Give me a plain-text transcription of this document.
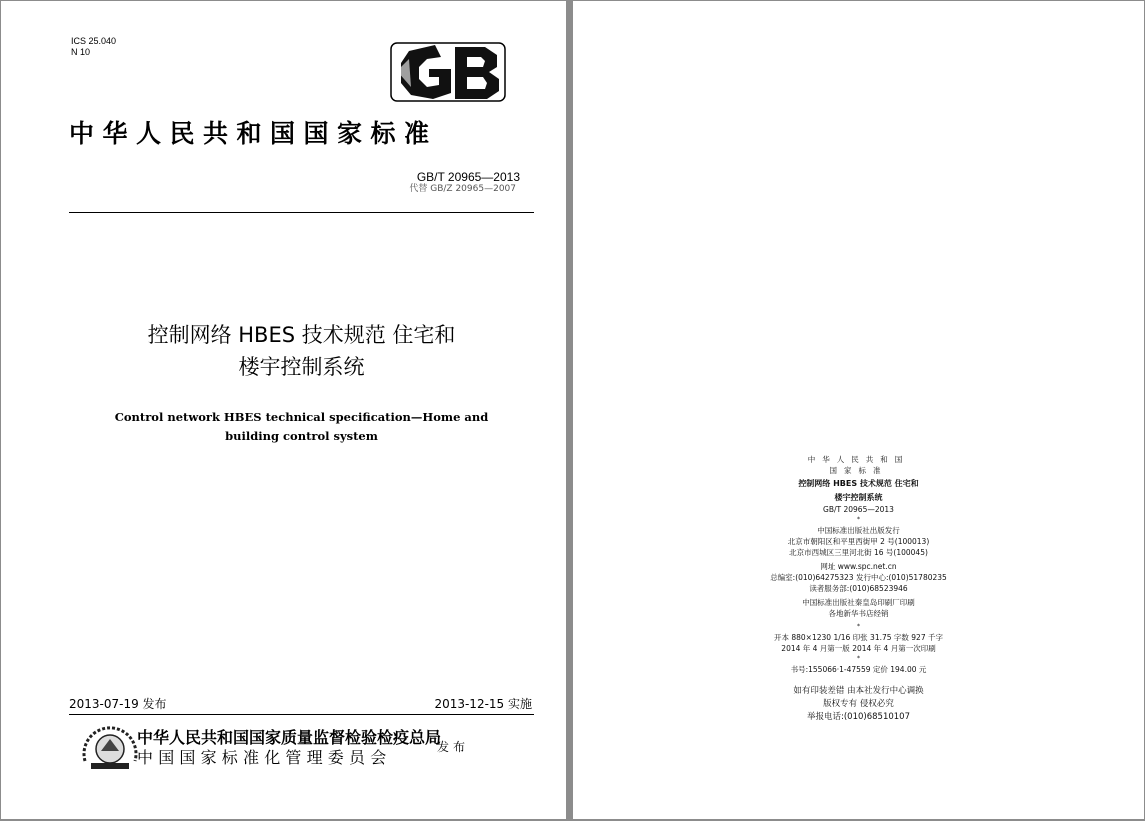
ICS 25.040
N 10
中华人民共和国国家标准
GB/T 20965—2013
代替 GB/Z 20965—2007
控制网络 HBES 技术规范 住宅和
楼宇控制系统
Control network HBES technical specification—Home and
building control system
2013-07-19 发布	2013-12-15 实施
中华人民共和国国家质量监督检验检疫总局
中国国家标准化管理委员会
发布
中华人民共和国
国家标准
控制网络 HBES 技术规范 住宅和
楼宇控制系统
GB/T 20965—2013
*
中国标准出版社出版发行
北京市朝阳区和平里西街甲 2 号(100013)
北京市西城区三里河北街 16 号(100045)
网址 www.spc.net.cn
总编室:(010)64275323 发行中心:(010)51780235
读者服务部:(010)68523946
中国标准出版社秦皇岛印刷厂印刷
各地新华书店经销
*
开本 880×1230 1/16 印张 31.75 字数 927 千字
2014 年 4 月第一版 2014 年 4 月第一次印刷
*
书号:155066·1-47559 定价 194.00 元
如有印装差错 由本社发行中心调换
版权专有 侵权必究
举报电话:(010)68510107
